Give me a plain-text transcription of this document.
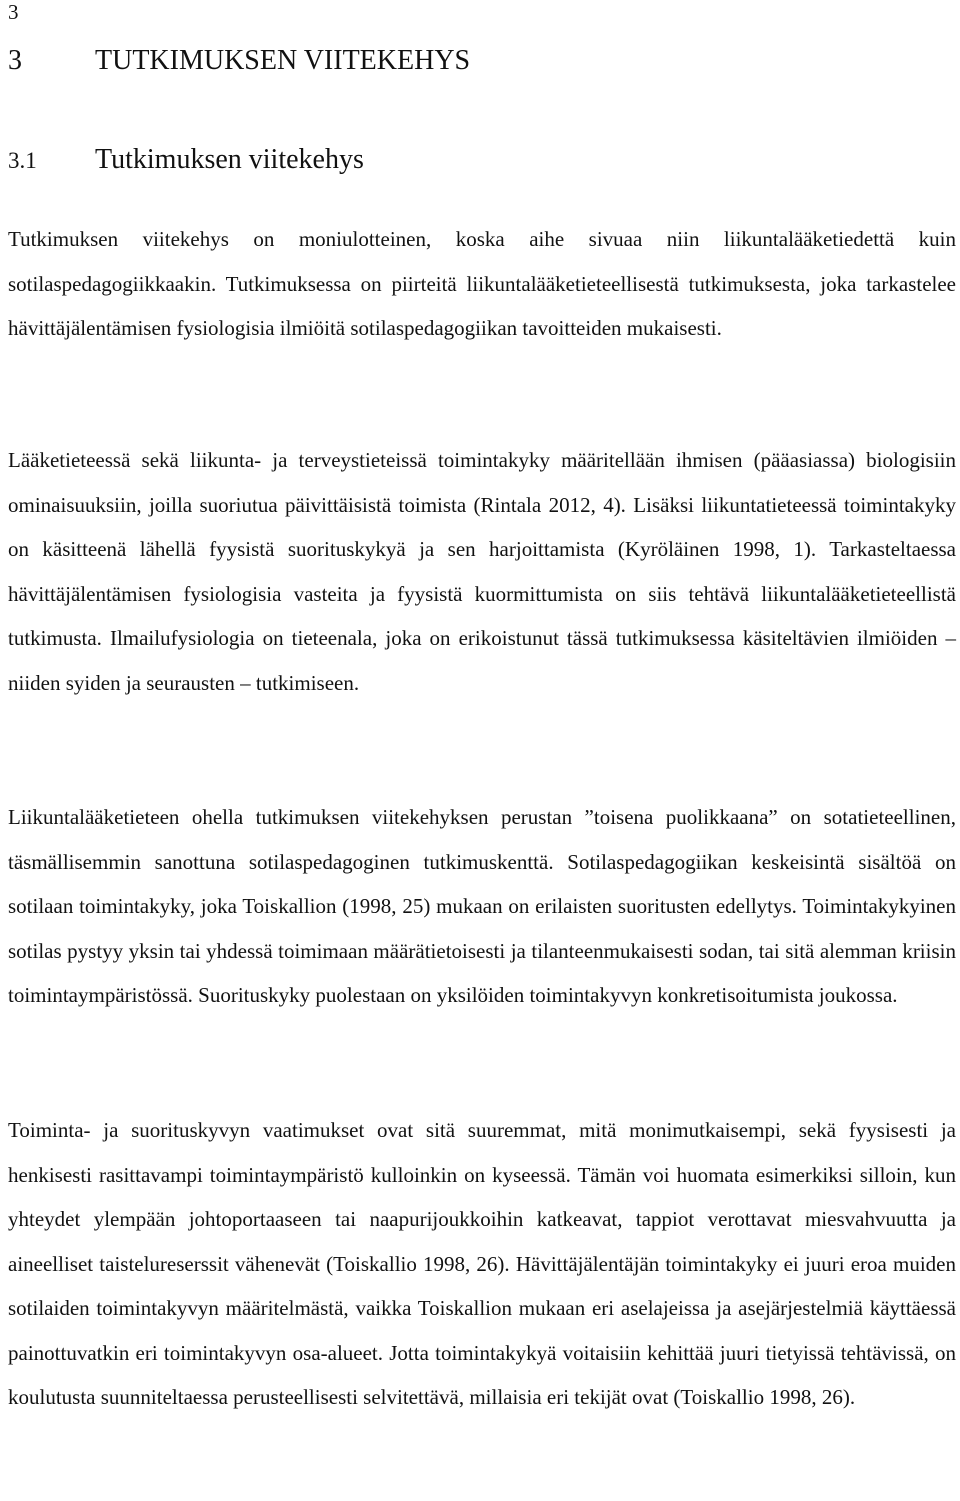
3
3	TUTKIMUKSEN VIITEKEHYS
3.1 Tutkimuksen viitekehys

Tutkimuksen viitekehys on moniulotteinen, koska aihe sivuaa niin liikuntalääketiedettä kuin sotilaspedagogiikkaakin. Tutkimuksessa on piirteitä liikuntalääketieteellisestä tutkimuksesta, joka tarkastelee hävittäjälentämisen fysiologisia ilmiöitä sotilaspedagogiikan tavoitteiden mukaisesti.

Lääketieteessä sekä liikunta- ja terveystieteissä toimintakyky määritellään ihmisen (pääasiassa) biologisiin ominaisuuksiin, joilla suoriutua päivittäisistä toimista (Rintala 2012, 4). Lisäksi liikuntatieteessä toimintakyky on käsitteenä lähellä fyysistä suorituskykyä ja sen harjoittamista (Kyröläinen 1998, 1). Tarkasteltaessa hävittäjälentämisen fysiologisia vasteita ja fyysistä kuormittumista on siis tehtävä liikuntalääketieteellistä tutkimusta. Ilmailufysiologia on tieteenala, joka on erikoistunut tässä tutkimuksessa käsiteltävien ilmiöiden – niiden syiden ja seurausten – tutkimiseen.

Liikuntalääketieteen ohella tutkimuksen viitekehyksen perustan ”toisena puolikkaana” on sotatieteellinen, täsmällisemmin sanottuna sotilaspedagoginen tutkimuskenttä. Sotilaspedagogiikan keskeisintä sisältöä on sotilaan toimintakyky, joka Toiskallion (1998, 25) mukaan on erilaisten suoritusten edellytys. Toimintakykyinen sotilas pystyy yksin tai yhdessä toimimaan määrätietoisesti ja tilanteenmukaisesti sodan, tai sitä alemman kriisin toimintaympäristössä. Suorituskyky puolestaan on yksilöiden toimintakyvyn konkretisoitumista joukossa.

Toiminta- ja suorituskyvyn vaatimukset ovat sitä suuremmat, mitä monimutkaisempi, sekä fyysisesti ja henkisesti rasittavampi toimintaympäristö kulloinkin on kyseessä. Tämän voi huomata esimerkiksi silloin, kun yhteydet ylempään johtoportaaseen tai naapurijoukkoihin katkeavat, tappiot verottavat miesvahvuutta ja aineelliset taistelureserssit vähenevät (Toiskallio 1998, 26). Hävittäjälentäjän toimintakyky ei juuri eroa muiden sotilaiden toimintakyvyn määritelmästä, vaikka Toiskallion mukaan eri aselajeissa ja asejärjestelmiä käyttäessä painottuvatkin eri toimintakyvyn osa-alueet. Jotta toimintakykyä voitaisiin kehittää juuri tietyissä tehtävissä, on koulutusta suunniteltaessa perusteellisesti selvitettävä, millaisia eri tekijät ovat (Toiskallio 1998, 26).
